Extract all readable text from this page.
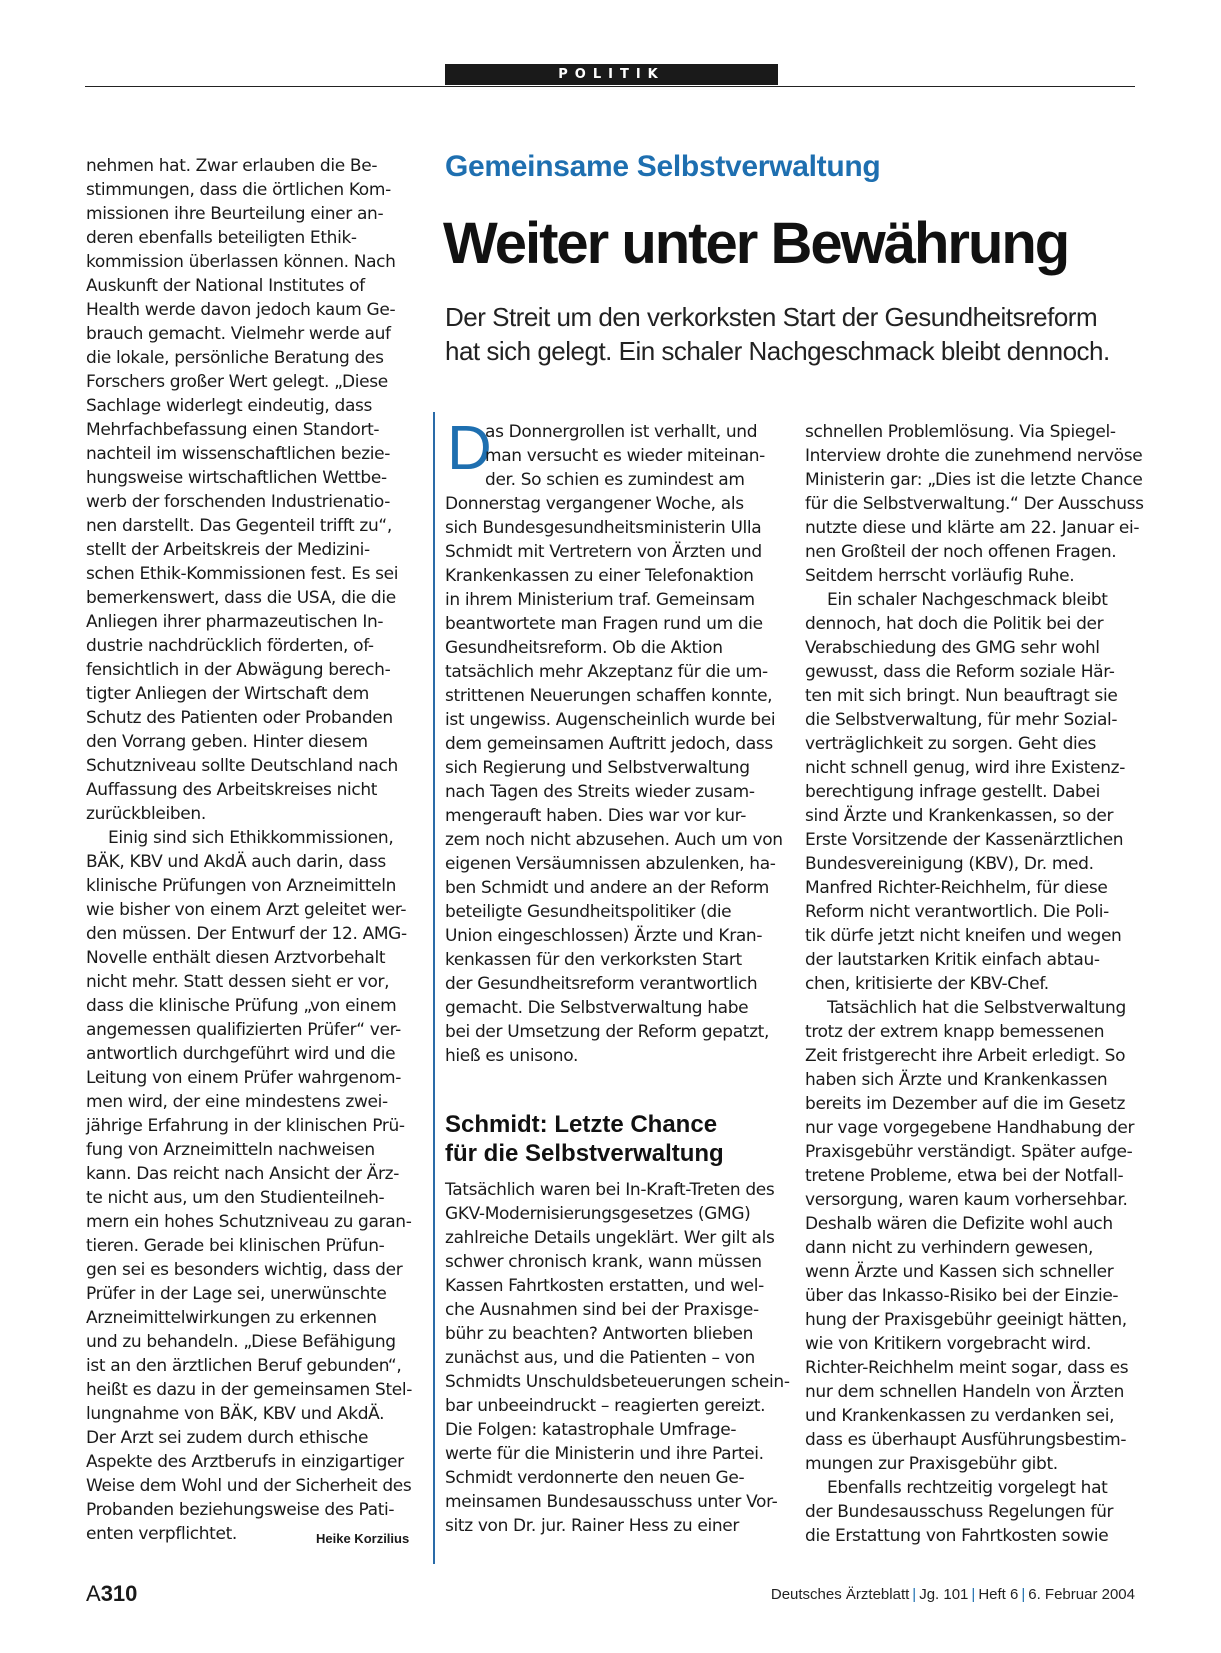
POLITIK

nehmen hat. Zwar erlauben die Be-

stimmungen, dass die örtlichen Kom-

missionen ihre Beurteilung einer an-

deren ebenfalls beteiligten Ethik-

kommission überlassen können. Nach

Auskunft der National Institutes of

Health werde davon jedoch kaum Ge-

brauch gemacht. Vielmehr werde auf

die lokale, persönliche Beratung des

Forschers großer Wert gelegt. „Diese

Sachlage widerlegt eindeutig, dass

Mehrfachbefassung einen Standort-

nachteil im wissenschaftlichen bezie-

hungsweise wirtschaftlichen Wettbe-

werb der forschenden Industrienatio-

nen darstellt. Das Gegenteil trifft zu“,

stellt der Arbeitskreis der Medizini-

schen Ethik-Kommissionen fest. Es sei

bemerkenswert, dass die USA, die die

Anliegen ihrer pharmazeutischen In-

dustrie nachdrücklich förderten, of-

fensichtlich in der Abwägung berech-

tigter Anliegen der Wirtschaft dem

Schutz des Patienten oder Probanden

den Vorrang geben. Hinter diesem

Schutzniveau sollte Deutschland nach

Auffassung des Arbeitskreises nicht

zurückbleiben.

Einig sind sich Ethikkommissionen,

BÄK, KBV und AkdÄ auch darin, dass

klinische Prüfungen von Arzneimitteln

wie bisher von einem Arzt geleitet wer-

den müssen. Der Entwurf der 12. AMG-

Novelle enthält diesen Arztvorbehalt

nicht mehr. Statt dessen sieht er vor,

dass die klinische Prüfung „von einem

angemessen qualifizierten Prüfer“ ver-

antwortlich durchgeführt wird und die

Leitung von einem Prüfer wahrgenom-

men wird, der eine mindestens zwei-

jährige Erfahrung in der klinischen Prü-

fung von Arzneimitteln nachweisen

kann. Das reicht nach Ansicht der Ärz-

te nicht aus, um den Studienteilneh-

mern ein hohes Schutzniveau zu garan-

tieren. Gerade bei klinischen Prüfun-

gen sei es besonders wichtig, dass der

Prüfer in der Lage sei, unerwünschte

Arzneimittelwirkungen zu erkennen

und zu behandeln. „Diese Befähigung

ist an den ärztlichen Beruf gebunden“,

heißt es dazu in der gemeinsamen Stel-

lungnahme von BÄK, KBV und AkdÄ.

Der Arzt sei zudem durch ethische

Aspekte des Arztberufs in einzigartiger

Weise dem Wohl und der Sicherheit des

Probanden beziehungsweise des Pati-

enten verpflichtet.	Heike Korzilius
Gemeinsame Selbstverwaltung
Weiter unter Bewährung
Der Streit um den verkorksten Start der Gesundheitsreform
hat sich gelegt. Ein schaler Nachgeschmack bleibt dennoch.
D

as Donnergrollen ist verhallt, und

man versucht es wieder miteinan-

der. So schien es zumindest am

Donnerstag vergangener Woche, als

sich Bundesgesundheitsministerin Ulla

Schmidt mit Vertretern von Ärzten und

Krankenkassen zu einer Telefonaktion

in ihrem Ministerium traf. Gemeinsam

beantwortete man Fragen rund um die

Gesundheitsreform. Ob die Aktion

tatsächlich mehr Akzeptanz für die um-

strittenen Neuerungen schaffen konnte,

ist ungewiss. Augenscheinlich wurde bei

dem gemeinsamen Auftritt jedoch, dass

sich Regierung und Selbstverwaltung

nach Tagen des Streits wieder zusam-

mengerauft haben. Dies war vor kur-

zem noch nicht abzusehen. Auch um von

eigenen Versäumnissen abzulenken, ha-

ben Schmidt und andere an der Reform

beteiligte Gesundheitspolitiker (die

Union eingeschlossen) Ärzte und Kran-

kenkassen für den verkorksten Start

der Gesundheitsreform verantwortlich

gemacht. Die Selbstverwaltung habe

bei der Umsetzung der Reform gepatzt,

hieß es unisono.

Schmidt: Letzte Chance
für die Selbstverwaltung

Tatsächlich waren bei In-Kraft-Treten des

GKV-Modernisierungsgesetzes (GMG)

zahlreiche Details ungeklärt. Wer gilt als

schwer chronisch krank, wann müssen

Kassen Fahrtkosten erstatten, und wel-

che Ausnahmen sind bei der Praxisge-

bühr zu beachten? Antworten blieben

zunächst aus, und die Patienten – von

Schmidts Unschuldsbeteuerungen schein-

bar unbeeindruckt – reagierten gereizt.

Die Folgen: katastrophale Umfrage-

werte für die Ministerin und ihre Partei.

Schmidt verdonnerte den neuen Ge-

meinsamen Bundesausschuss unter Vor-

sitz von Dr. jur. Rainer Hess zu einer

schnellen Problemlösung. Via Spiegel-

Interview drohte die zunehmend nervöse

Ministerin gar: „Dies ist die letzte Chance

für die Selbstverwaltung.“ Der Ausschuss

nutzte diese und klärte am 22. Januar ei-

nen Großteil der noch offenen Fragen.

Seitdem herrscht vorläufig Ruhe.

Ein schaler Nachgeschmack bleibt

dennoch, hat doch die Politik bei der

Verabschiedung des GMG sehr wohl

gewusst, dass die Reform soziale Här-

ten mit sich bringt. Nun beauftragt sie

die Selbstverwaltung, für mehr Sozial-

verträglichkeit zu sorgen. Geht dies

nicht schnell genug, wird ihre Existenz-

berechtigung infrage gestellt. Dabei

sind Ärzte und Krankenkassen, so der

Erste Vorsitzende der Kassenärztlichen

Bundesvereinigung (KBV), Dr. med.

Manfred Richter-Reichhelm, für diese

Reform nicht verantwortlich. Die Poli-

tik dürfe jetzt nicht kneifen und wegen

der lautstarken Kritik einfach abtau-

chen, kritisierte der KBV-Chef.

Tatsächlich hat die Selbstverwaltung

trotz der extrem knapp bemessenen

Zeit fristgerecht ihre Arbeit erledigt. So

haben sich Ärzte und Krankenkassen

bereits im Dezember auf die im Gesetz

nur vage vorgegebene Handhabung der

Praxisgebühr verständigt. Später aufge-

tretene Probleme, etwa bei der Notfall-

versorgung, waren kaum vorhersehbar.

Deshalb wären die Defizite wohl auch

dann nicht zu verhindern gewesen,

wenn Ärzte und Kassen sich schneller

über das Inkasso-Risiko bei der Einzie-

hung der Praxisgebühr geeinigt hätten,

wie von Kritikern vorgebracht wird.

Richter-Reichhelm meint sogar, dass es

nur dem schnellen Handeln von Ärzten

und Krankenkassen zu verdanken sei,

dass es überhaupt Ausführungsbestim-

mungen zur Praxisgebühr gibt.

Ebenfalls rechtzeitig vorgelegt hat

der Bundesausschuss Regelungen für

die Erstattung von Fahrtkosten sowie

A310	Deutsches Ärzteblatt | Jg. 101 | Heft 6 | 6. Februar 2004
